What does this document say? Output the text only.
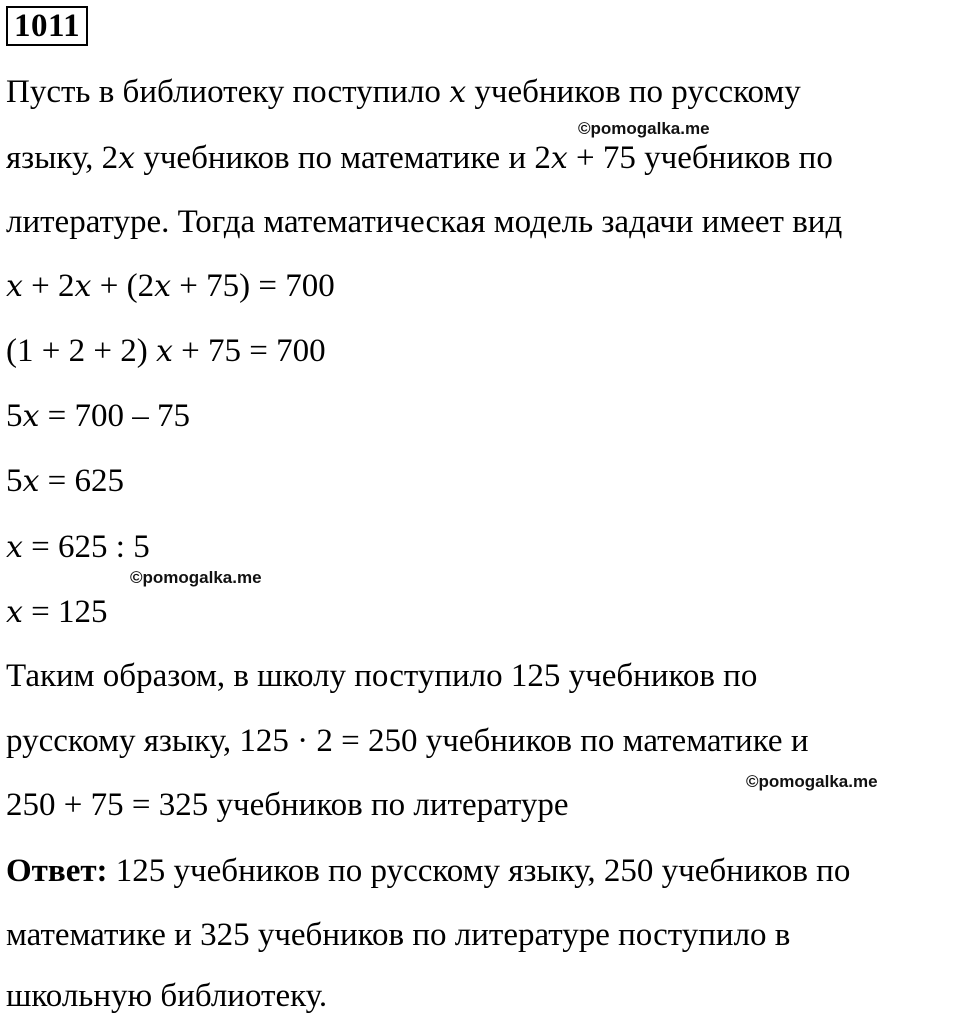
1011
Пусть в библиотеку поступило x учебников по русскому
©pomogalka.me
языку, 2x учебников по математике и 2x + 75 учебников по
литературе. Тогда математическая модель задачи имеет вид
x + 2x + (2x + 75) = 700
(1 + 2 + 2) x + 75 = 700
5x = 700 – 75
5x = 625
x = 625 : 5
©pomogalka.me
x = 125
Таким образом, в школу поступило 125 учебников по
русскому языку, 125 · 2 = 250 учебников по математике и
©pomogalka.me
250 + 75 = 325 учебников по литературе
Ответ: 125 учебников по русскому языку, 250 учебников по
математике и 325 учебников по литературе поступило в
школьную библиотеку.
